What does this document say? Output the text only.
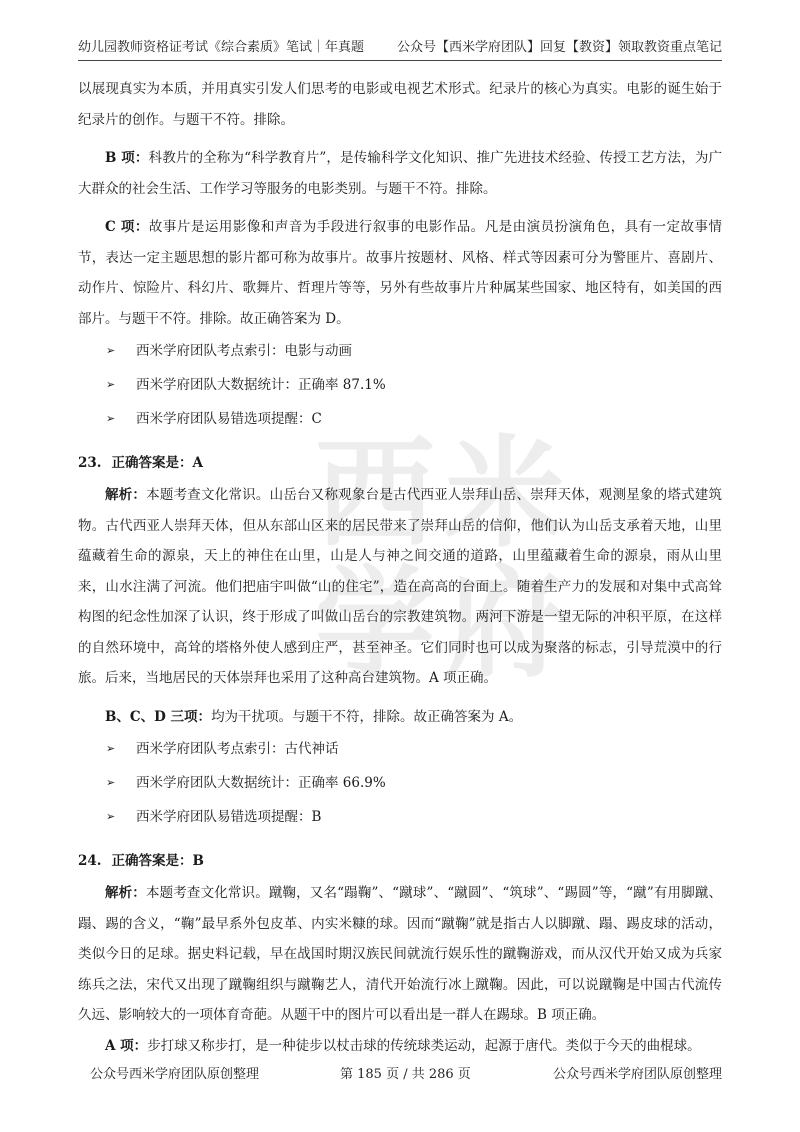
幼儿园教师资格证考试《综合素质》笔试｜年真题	公众号【西米学府团队】回复【教资】领取教资重点笔记
西 米
学 府

以展现真实为本质，并用真实引发人们思考的电影或电视艺术形式。纪录片的核心为真实。电影的诞生始于纪录片的创作。与题干不符。排除。

B 项：科教片的全称为“科学教育片”，是传输科学文化知识、推广先进技术经验、传授工艺方法，为广大群众的社会生活、工作学习等服务的电影类别。与题干不符。排除。

C 项：故事片是运用影像和声音为手段进行叙事的电影作品。凡是由演员扮演角色，具有一定故事情节，表达一定主题思想的影片都可称为故事片。故事片按题材、风格、样式等因素可分为警匪片、喜剧片、动作片、惊险片、科幻片、歌舞片、哲理片等等，另外有些故事片片种属某些国家、地区特有，如美国的西部片。与题干不符。排除。故正确答案为 D。

➢	西米学府团队考点索引：电影与动画
➢	西米学府团队大数据统计：正确率 87.1%
➢	西米学府团队易错选项提醒：C
23. 正确答案是：A

解析：本题考查文化常识。山岳台又称观象台是古代西亚人崇拜山岳、崇拜天体，观测星象的塔式建筑物。古代西亚人崇拜天体，但从东部山区来的居民带来了崇拜山岳的信仰，他们认为山岳支承着天地，山里蕴藏着生命的源泉，天上的神住在山里，山是人与神之间交通的道路，山里蕴藏着生命的源泉，雨从山里来，山水注满了河流。他们把庙宇叫做“山的住宅”，造在高高的台面上。随着生产力的发展和对集中式高耸构图的纪念性加深了认识，终于形成了叫做山岳台的宗教建筑物。两河下游是一望无际的冲积平原，在这样的自然环境中，高耸的塔格外使人感到庄严，甚至神圣。它们同时也可以成为聚落的标志，引导荒漠中的行旅。后来，当地居民的天体崇拜也采用了这种高台建筑物。A 项正确。

B、C、D 三项：均为干扰项。与题干不符，排除。故正确答案为 A。

➢	西米学府团队考点索引：古代神话
➢	西米学府团队大数据统计：正确率 66.9%
➢	西米学府团队易错选项提醒：B
24. 正确答案是：B

解析：本题考查文化常识。蹴鞠，又名“蹋鞠”、“蹴球”、“蹴圆”、“筑球”、“踢圆”等，“蹴”有用脚蹴、蹋、踢的含义，“鞠”最早系外包皮革、内实米糠的球。因而“蹴鞠”就是指古人以脚蹴、蹋、踢皮球的活动，类似今日的足球。据史料记载，早在战国时期汉族民间就流行娱乐性的蹴鞠游戏，而从汉代开始又成为兵家练兵之法，宋代又出现了蹴鞠组织与蹴鞠艺人，清代开始流行冰上蹴鞠。因此，可以说蹴鞠是中国古代流传久远、影响较大的一项体育奇葩。从题干中的图片可以看出是一群人在踢球。B 项正确。

A 项：步打球又称步打，是一种徒步以杖击球的传统球类运动，起源于唐代。类似于今天的曲棍球。

公众号西米学府团队原创整理	第 185 页 / 共 286 页	公众号西米学府团队原创整理
